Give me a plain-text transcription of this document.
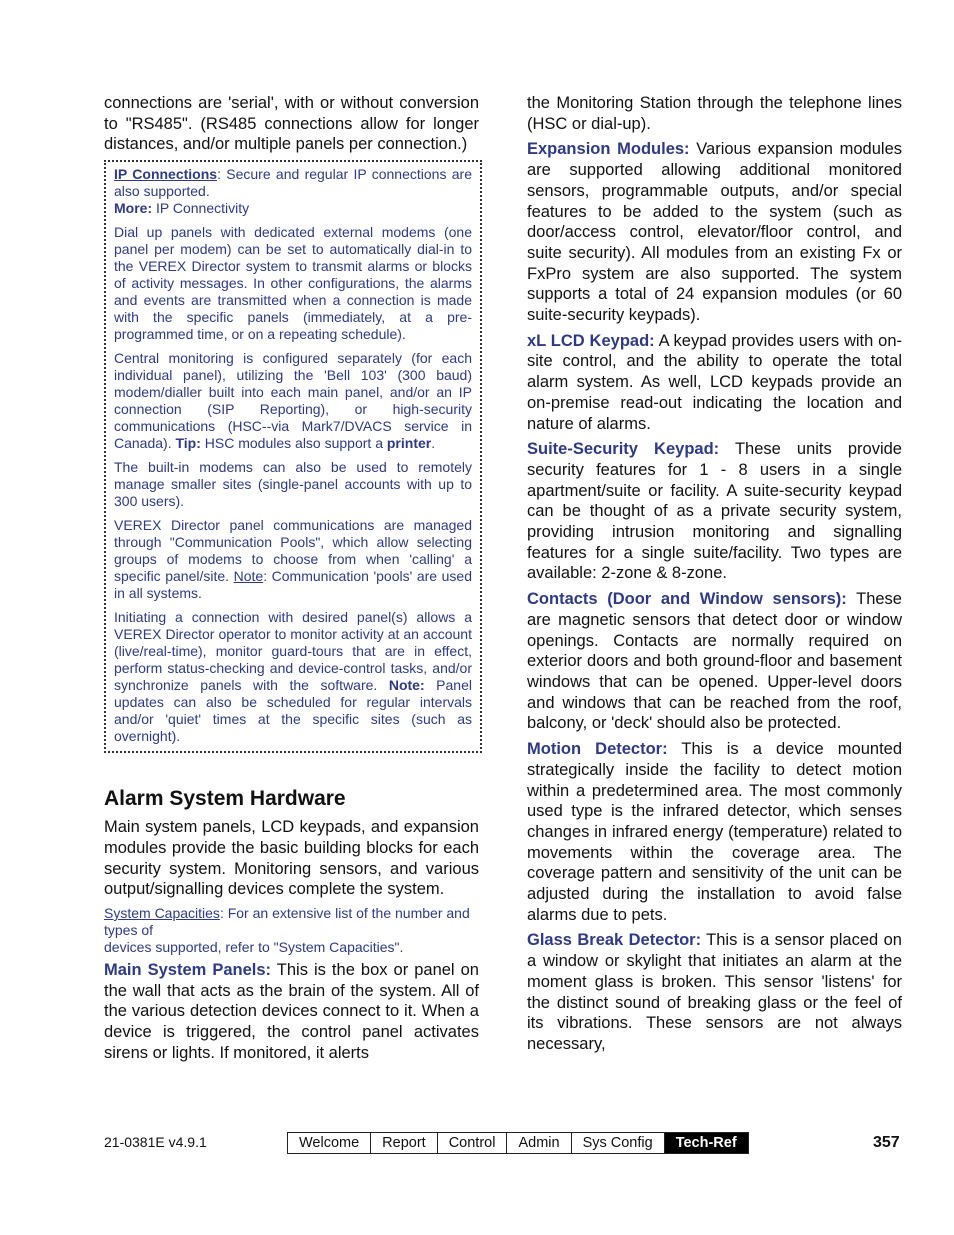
connections are 'serial', with or without conversion to "RS485". (RS485 connections allow for longer distances, and/or multiple panels per connection.)

IP Connections: Secure and regular IP connections are also supported.
More: IP Connectivity

Dial up panels with dedicated external modems (one panel per modem) can be set to automatically dial-in to the VEREX Director system to transmit alarms or blocks of activity messages. In other configurations, the alarms and events are transmitted when a connection is made with the specific panels (immediately, at a pre-programmed time, or on a repeating schedule).

Central monitoring is configured separately (for each individual panel), utilizing the 'Bell 103' (300 baud) modem/dialler built into each main panel, and/or an IP connection (SIP Reporting), or high-security communications (HSC--via Mark7/DVACS service in Canada). Tip: HSC modules also support a printer.

The built-in modems can also be used to remotely manage smaller sites (single-panel accounts with up to 300 users).

VEREX Director panel communications are managed through "Communication Pools", which allow selecting groups of modems to choose from when 'calling' a specific panel/site. Note: Communication 'pools' are used in all systems.

Initiating a connection with desired panel(s) allows a VEREX Director operator to monitor activity at an account (live/real-time), monitor guard-tours that are in effect, perform status-checking and device-control tasks, and/or synchronize panels with the software. Note: Panel updates can also be scheduled for regular intervals and/or 'quiet' times at the specific sites (such as overnight).

Alarm System Hardware

Main system panels, LCD keypads, and expansion modules provide the basic building blocks for each security system. Monitoring sensors, and various output/signalling devices complete the system.

System Capacities: For an extensive list of the number and types of
devices supported, refer to "System Capacities".

Main System Panels: This is the box or panel on the wall that acts as the brain of the system. All of the various detection devices connect to it. When a device is triggered, the control panel activates sirens or lights. If monitored, it alerts

the Monitoring Station through the telephone lines (HSC or dial-up).

Expansion Modules: Various expansion modules are supported allowing additional monitored sensors, programmable outputs, and/or special features to be added to the system (such as door/access control, elevator/floor control, and suite security). All modules from an existing Fx or FxPro system are also supported. The system supports a total of 24 expansion modules (or 60 suite-security keypads).

xL LCD Keypad: A keypad provides users with on-site control, and the ability to operate the total alarm system. As well, LCD keypads provide an on-premise read-out indicating the location and nature of alarms.

Suite-Security Keypad: These units provide security features for 1 - 8 users in a single apartment/suite or facility. A suite-security keypad can be thought of as a private security system, providing intrusion monitoring and signalling features for a single suite/facility. Two types are available: 2-zone & 8-zone.

Contacts (Door and Window sensors): These are magnetic sensors that detect door or window openings. Contacts are normally required on exterior doors and both ground-floor and basement windows that can be opened. Upper-level doors and windows that can be reached from the roof, balcony, or 'deck' should also be protected.

Motion Detector: This is a device mounted strategically inside the facility to detect motion within a predetermined area. The most commonly used type is the infrared detector, which senses changes in infrared energy (temperature) related to movements within the coverage area. The coverage pattern and sensitivity of the unit can be adjusted during the installation to avoid false alarms due to pets.

Glass Break Detector: This is a sensor placed on a window or skylight that initiates an alarm at the moment glass is broken. This sensor 'listens' for the distinct sound of breaking glass or the feel of its vibrations. These sensors are not always necessary,

21-0381E v4.9.1	Welcome	Report	Control	Admin	Sys Config	Tech-Ref	357
